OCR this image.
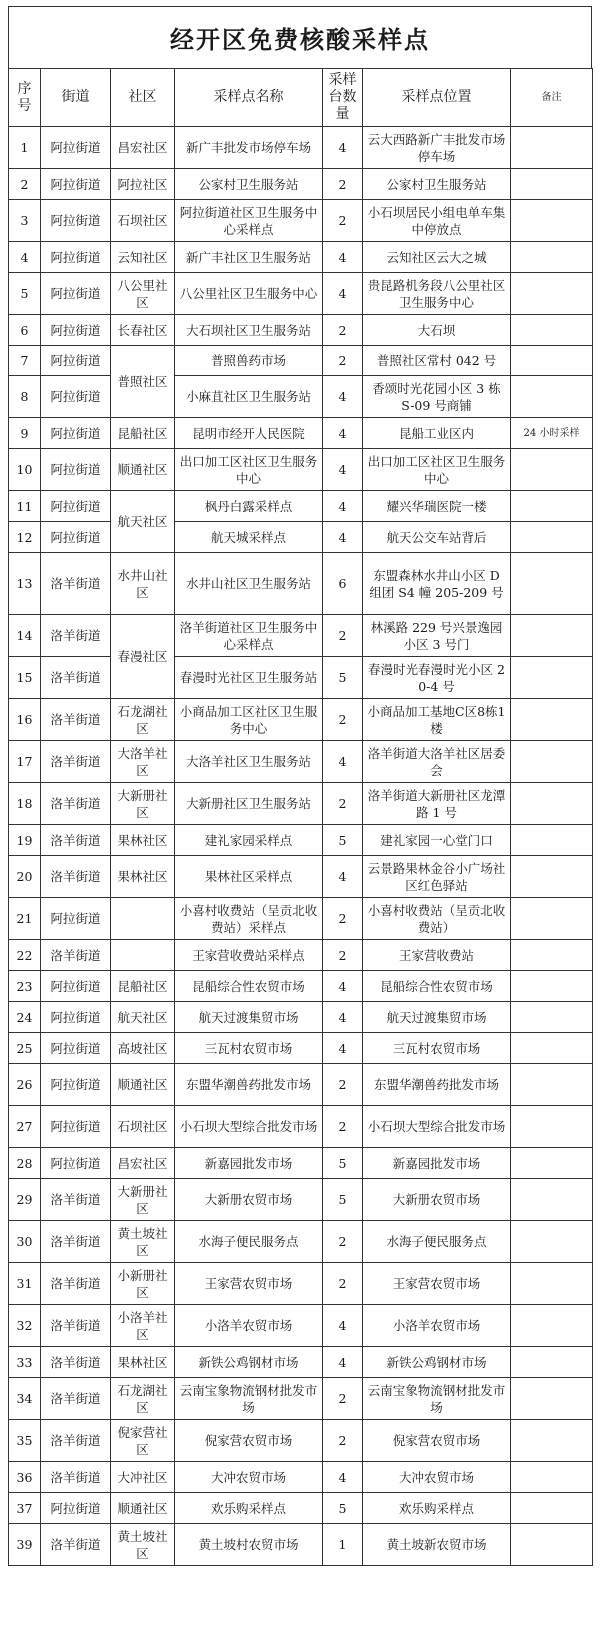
经开区免费核酸采样点
序号	街道	社区	采样点名称	采样台数量	采样点位置	备注
1	阿拉街道	昌宏社区	新广丰批发市场停车场	4	云大西路新广丰批发市场停车场	
2	阿拉街道	阿拉社区	公家村卫生服务站	2	公家村卫生服务站	
3	阿拉街道	石坝社区	阿拉街道社区卫生服务中心采样点	2	小石坝居民小组电单车集中停放点	
4	阿拉街道	云知社区	新广丰社区卫生服务站	4	云知社区云大之城	
5	阿拉街道	八公里社区	八公里社区卫生服务中心	4	贵昆路机务段八公里社区卫生服务中心	
6	阿拉街道	长春社区	大石坝社区卫生服务站	2	大石坝	
7	阿拉街道	普照社区	普照兽药市场	2	普照社区常村 042 号	
8	阿拉街道		小麻苴社区卫生服务站	4	香颂时光花园小区 3 栋 S-09 号商铺	
9	阿拉街道	昆船社区	昆明市经开人民医院	4	昆船工业区内	24 小时采样
10	阿拉街道	顺通社区	出口加工区社区卫生服务中心	4	出口加工区社区卫生服务中心	
11	阿拉街道	航天社区	枫丹白露采样点	4	耀兴华瑞医院一楼	
12	阿拉街道		航天城采样点	4	航天公交车站背后	
13	洛羊街道	水井山社区	水井山社区卫生服务站	6	东盟森林水井山小区 D 组团 S4 幢 205-209 号	
14	洛羊街道	春漫社区	洛羊街道社区卫生服务中心采样点	2	林溪路 229 号兴景逸园小区 3 号门	
15	洛羊街道		春漫时光社区卫生服务站	5	春漫时光春漫时光小区 20-4 号	
16	洛羊街道	石龙湖社区	小商品加工区社区卫生服务中心	2	小商品加工基地C区8栋1楼	
17	洛羊街道	大洛羊社区	大洛羊社区卫生服务站	4	洛羊街道大洛羊社区居委会	
18	洛羊街道	大新册社区	大新册社区卫生服务站	2	洛羊街道大新册社区龙潭路 1 号	
19	洛羊街道	果林社区	建礼家园采样点	5	建礼家园一心堂门口	
20	洛羊街道	果林社区	果林社区采样点	4	云景路果林金谷小广场社区红色驿站	
21	阿拉街道		小喜村收费站（呈贡北收费站）采样点	2	小喜村收费站（呈贡北收费站）	
22	洛羊街道		王家营收费站采样点	2	王家营收费站	
23	阿拉街道	昆船社区	昆船综合性农贸市场	4	昆船综合性农贸市场	
24	阿拉街道	航天社区	航天过渡集贸市场	4	航天过渡集贸市场	
25	阿拉街道	高坡社区	三瓦村农贸市场	4	三瓦村农贸市场	
26	阿拉街道	顺通社区	东盟华潮兽药批发市场	2	东盟华潮兽药批发市场	
27	阿拉街道	石坝社区	小石坝大型综合批发市场	2	小石坝大型综合批发市场	
28	阿拉街道	昌宏社区	新嘉园批发市场	5	新嘉园批发市场	
29	洛羊街道	大新册社区	大新册农贸市场	5	大新册农贸市场	
30	洛羊街道	黄土坡社区	水海子便民服务点	2	水海子便民服务点	
31	洛羊街道	小新册社区	王家营农贸市场	2	王家营农贸市场	
32	洛羊街道	小洛羊社区	小洛羊农贸市场	4	小洛羊农贸市场	
33	洛羊街道	果林社区	新铁公鸡钢材市场	4	新铁公鸡钢材市场	
34	洛羊街道	石龙湖社区	云南宝象物流钢材批发市场	2	云南宝象物流钢材批发市场	
35	洛羊街道	倪家营社区	倪家营农贸市场	2	倪家营农贸市场	
36	洛羊街道	大冲社区	大冲农贸市场	4	大冲农贸市场	
37	阿拉街道	顺通社区	欢乐购采样点	5	欢乐购采样点	
39	洛羊街道	黄土坡社区	黄土坡村农贸市场	1	黄土坡新农贸市场	
